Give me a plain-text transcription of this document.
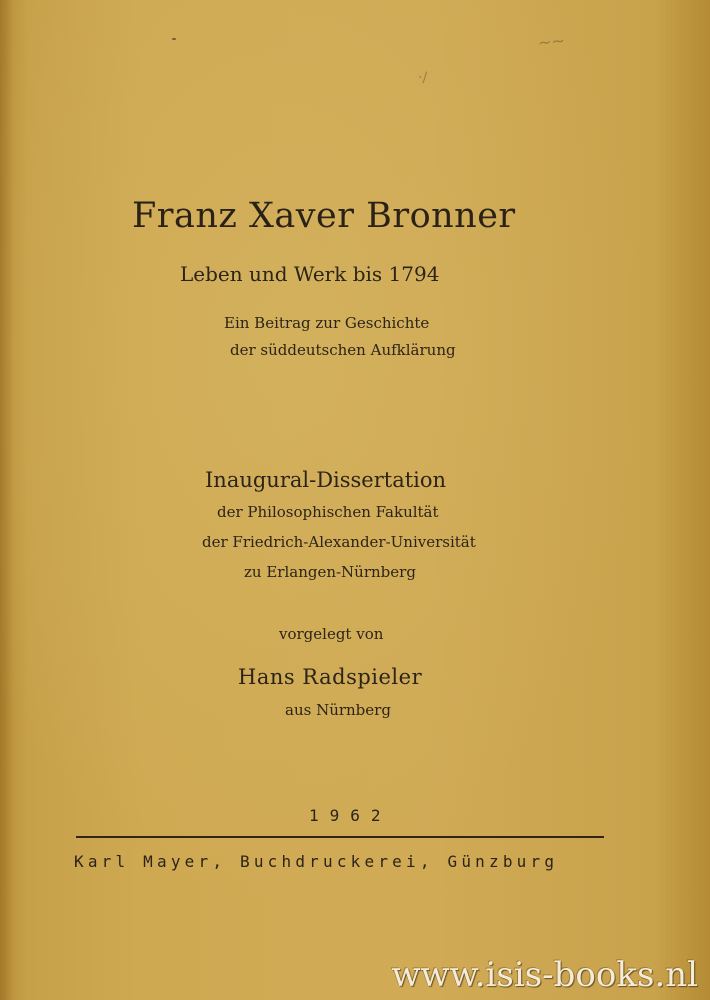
·/
~~
Franz Xaver Bronner
Leben und Werk bis 1794
Ein Beitrag zur Geschichte
der süddeutschen Aufklärung
Inaugural-Dissertation
der Philosophischen Fakultät
der Friedrich-Alexander-Universität
zu Erlangen-Nürnberg
vorgelegt von
Hans Radspieler
aus Nürnberg
1962
Karl Mayer, Buchdruckerei, Günzburg
www.isis-books.nl
